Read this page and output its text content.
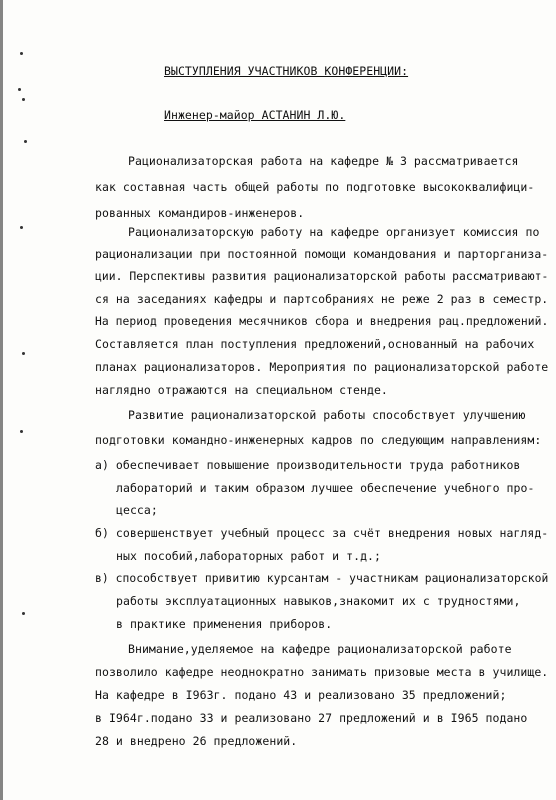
ВЫСТУПЛЕНИЯ УЧАСТНИКОВ КОНФЕРЕНЦИИ:
Инженер-майор АСТАНИН Л.Ю.
Рационализаторская работа на кафедре № 3 рассматривается
как составная часть общей работы по подготовке высококвалифици-
рованных командиров-инженеров.
Рационализаторскую работу на кафедре организует комиссия по
рационализации при постоянной помощи командования и парторганиза-
ции. Перспективы развития рационализаторской работы рассматривают-
ся на заседаниях кафедры и партсобраниях не реже 2 раз в семестр.
На период проведения месячников сбора и внедрения рац.предложений.
Составляется план поступления предложений,основанный на рабочих
планах рационализаторов. Мероприятия по рационализаторской работе
наглядно отражаются на специальном стенде.
Развитие рационализаторской работы способствует улучшению
подготовки командно-инженерных кадров по следующим направлениям:
а) обеспечивает повышение производительности труда работников
лабораторий и таким образом лучшее обеспечение учебного про-
цесса;
б) совершенствует учебный процесс за счёт внедрения новых нагляд-
ных пособий,лабораторных работ и т.д.;
в) способствует привитию курсантам - участникам рационализаторской
работы эксплуатационных навыков,знакомит их с трудностями,
в практике применения приборов.
Внимание,уделяемое на кафедре рационализаторской работе
позволило кафедре неоднократно занимать призовые места в училище.
На кафедре в I963г. подано 43 и реализовано 35 предложений;
в I964г.подано 33 и реализовано 27 предложений и в I965 подано
28 и внедрено 26 предложений.
